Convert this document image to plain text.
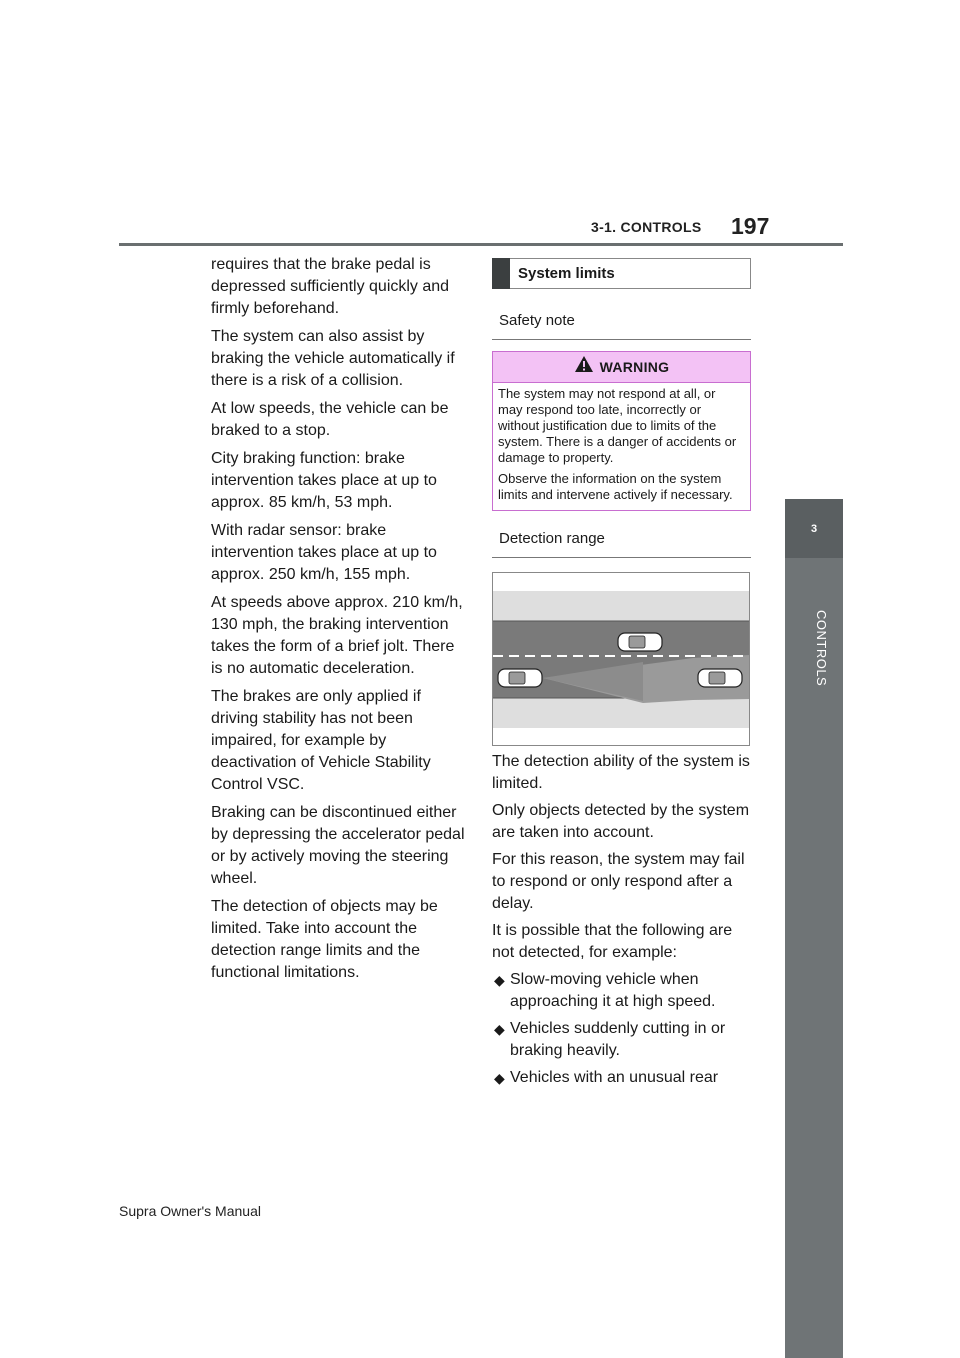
3-1. CONTROLS 197
3
CONTROLS

requires that the brake pedal is depressed sufficiently quickly and firmly beforehand.

The system can also assist by braking the vehicle automatically if there is a risk of a collision.

At low speeds, the vehicle can be braked to a stop.

City braking function: brake intervention takes place at up to approx. 85 km/h, 53 mph.

With radar sensor: brake intervention takes place at up to approx. 250 km/h, 155 mph.

At speeds above approx. 210 km/h, 130 mph, the braking intervention takes the form of a brief jolt. There is no automatic deceleration.

The brakes are only applied if driving stability has not been impaired, for example by deactivation of Vehicle Stability Control VSC.

Braking can be discontinued either by depressing the accelerator pedal or by actively moving the steering wheel.

The detection of objects may be limited. Take into account the detection range limits and the functional limitations.

System limits
Safety note
WARNING

The system may not respond at all, or may respond too late, incorrectly or without justification due to limits of the system. There is a danger of accidents or damage to property.

Observe the information on the system limits and intervene actively if necessary.

Detection range

The detection ability of the system is limited.

Only objects detected by the system are taken into account.

For this reason, the system may fail to respond or only respond after a delay.

It is possible that the following are not detected, for example:

◆ Slow-moving vehicle when approaching it at high speed.
◆ Vehicles suddenly cutting in or braking heavily.
◆ Vehicles with an unusual rear
Supra Owner's Manual
